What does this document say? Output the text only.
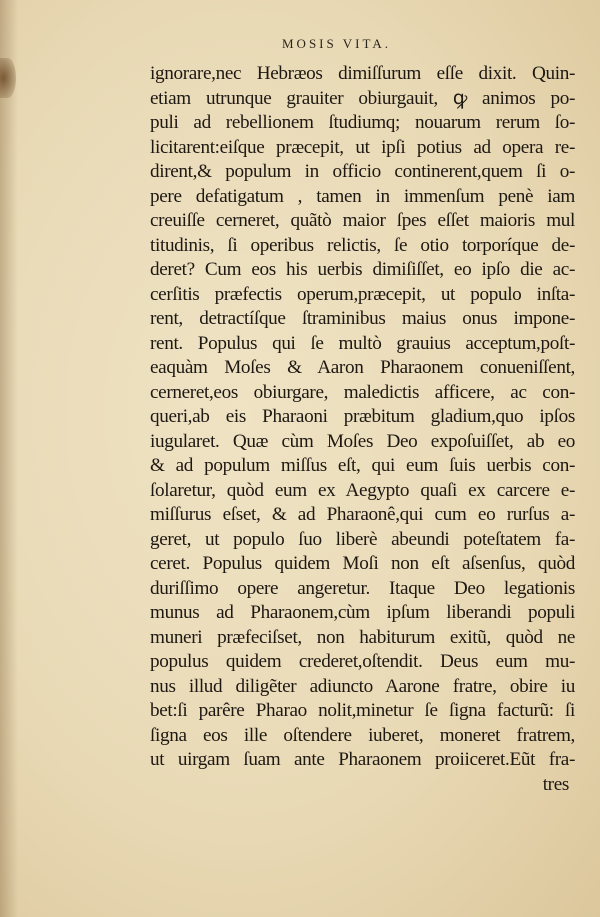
MOSIS VITA.
ignorare,nec Hebræos dimiſſurum eſſe dixit. Quin-
etiam utrunque grauiter obiurgauit, ꝙ animos po-
puli ad rebellionem ſtudiumq; nouarum rerum ſo-
licitarent:eiſque præcepit, ut ipſi potius ad opera re-
dirent,& populum in officio continerent,quem ſi o-
pere defatigatum , tamen in immenſum penè iam
creuiſſe cerneret, quãtò maior ſpes eſſet maioris mul
titudinis, ſi operibus relictis, ſe otio torporíque de-
deret? Cum eos his uerbis dimiſiſſet, eo ipſo die ac-
cerſitis præfectis operum,præcepit, ut populo inſta-
rent, detractíſque ſtraminibus maius onus impone-
rent. Populus qui ſe multò grauius acceptum,poſt-
eaquàm Moſes & Aaron Pharaonem conueniſſent,
cerneret,eos obiurgare, maledictis afficere, ac con-
queri,ab eis Pharaoni præbitum gladium,quo ipſos
iugularet. Quæ cùm Moſes Deo expoſuiſſet, ab eo
& ad populum miſſus eſt, qui eum ſuis uerbis con-
ſolaretur, quòd eum ex Aegypto quaſi ex carcere e-
miſſurus eſset, & ad Pharaonê,qui cum eo rurſus a-
geret, ut populo ſuo liberè abeundi poteſtatem fa-
ceret. Populus quidem Moſi non eſt aſsenſus, quòd
duriſſimo opere angeretur. Itaque Deo legationis
munus ad Pharaonem,cùm ipſum liberandi populi
muneri præfeciſset, non habiturum exitũ, quòd ne
populus quidem crederet,oſtendit. Deus eum mu-
nus illud diligẽter adiuncto Aarone fratre, obire iu
bet:ſi parêre Pharao nolit,minetur ſe ſigna facturũ: ſi
ſigna eos ille oſtendere iuberet, moneret fratrem,
ut uirgam ſuam ante Pharaonem proiiceret.Eũt fra-
tres
